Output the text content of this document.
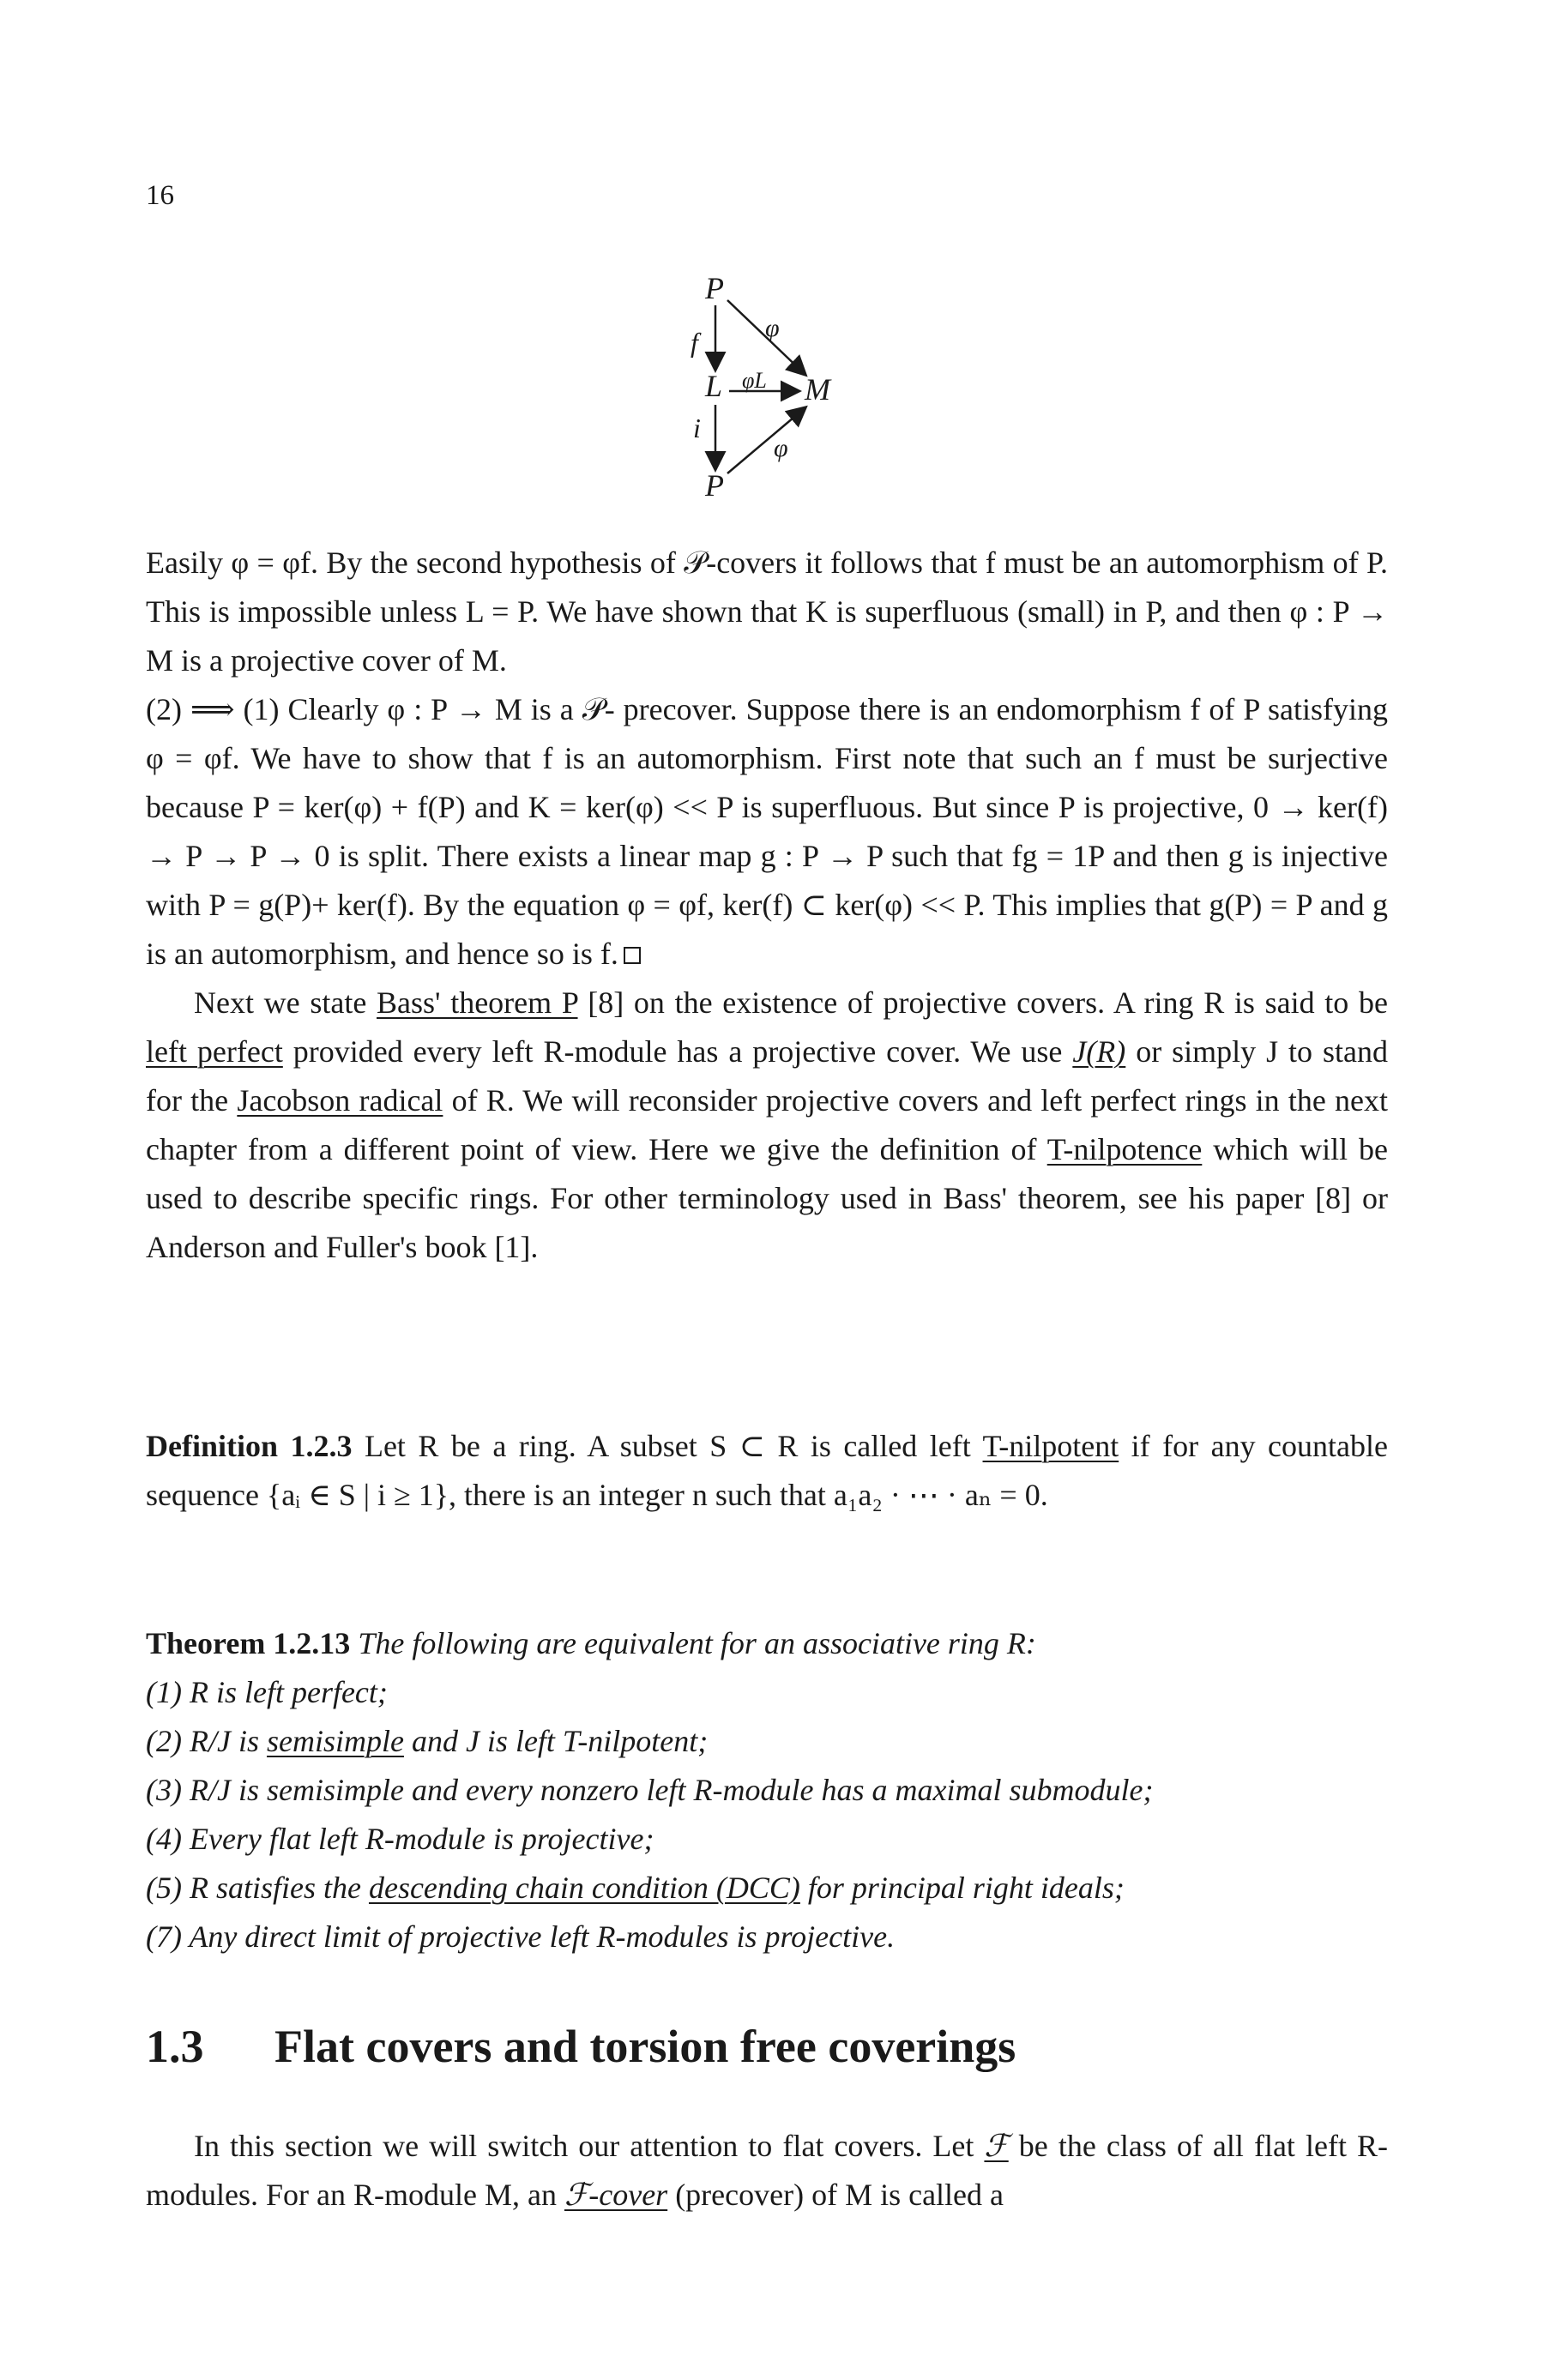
16
P
L	M
P
f
i
φ
φL
φ

Easily φ = φf. By the second hypothesis of 𝒫-covers it follows that f must be an automorphism of P. This is impossible unless L = P. We have shown that K is superfluous (small) in P, and then φ : P → M is a projective cover of M.

(2) ⟹ (1) Clearly φ : P → M is a 𝒫- precover. Suppose there is an endomorphism f of P satisfying φ = φf. We have to show that f is an automorphism. First note that such an f must be surjective because P = ker(φ) + f(P) and K = ker(φ) << P is superfluous. But since P is projective, 0 → ker(f) → P → P → 0 is split. There exists a linear map g : P → P such that fg = 1P and then g is injective with P = g(P)+ ker(f). By the equation φ = φf, ker(f) ⊂ ker(φ) << P. This implies that g(P) = P and g is an automorphism, and hence so is f.

Next we state Bass' theorem P [8] on the existence of projective covers. A ring R is said to be left perfect provided every left R-module has a projective cover. We use J(R) or simply J to stand for the Jacobson radical of R. We will reconsider projective covers and left perfect rings in the next chapter from a different point of view. Here we give the definition of T-nilpotence which will be used to describe specific rings. For other terminology used in Bass' theorem, see his paper [8] or Anderson and Fuller's book [1].

Definition 1.2.3 Let R be a ring. A subset S ⊂ R is called left T-nilpotent if for any countable sequence {aᵢ ∈ S | i ≥ 1}, there is an integer n such that a₁a₂ · ⋯ · aₙ = 0.

Theorem 1.2.13 The following are equivalent for an associative ring R:

(1) R is left perfect;

(2) R/J is semisimple and J is left T-nilpotent;

(3) R/J is semisimple and every nonzero left R-module has a maximal submodule;

(4) Every flat left R-module is projective;

(5) R satisfies the descending chain condition (DCC) for principal right ideals;

(7) Any direct limit of projective left R-modules is projective.

1.3 Flat covers and torsion free coverings

In this section we will switch our attention to flat covers. Let ℱ be the class of all flat left R-modules. For an R-module M, an ℱ-cover (precover) of M is called a
